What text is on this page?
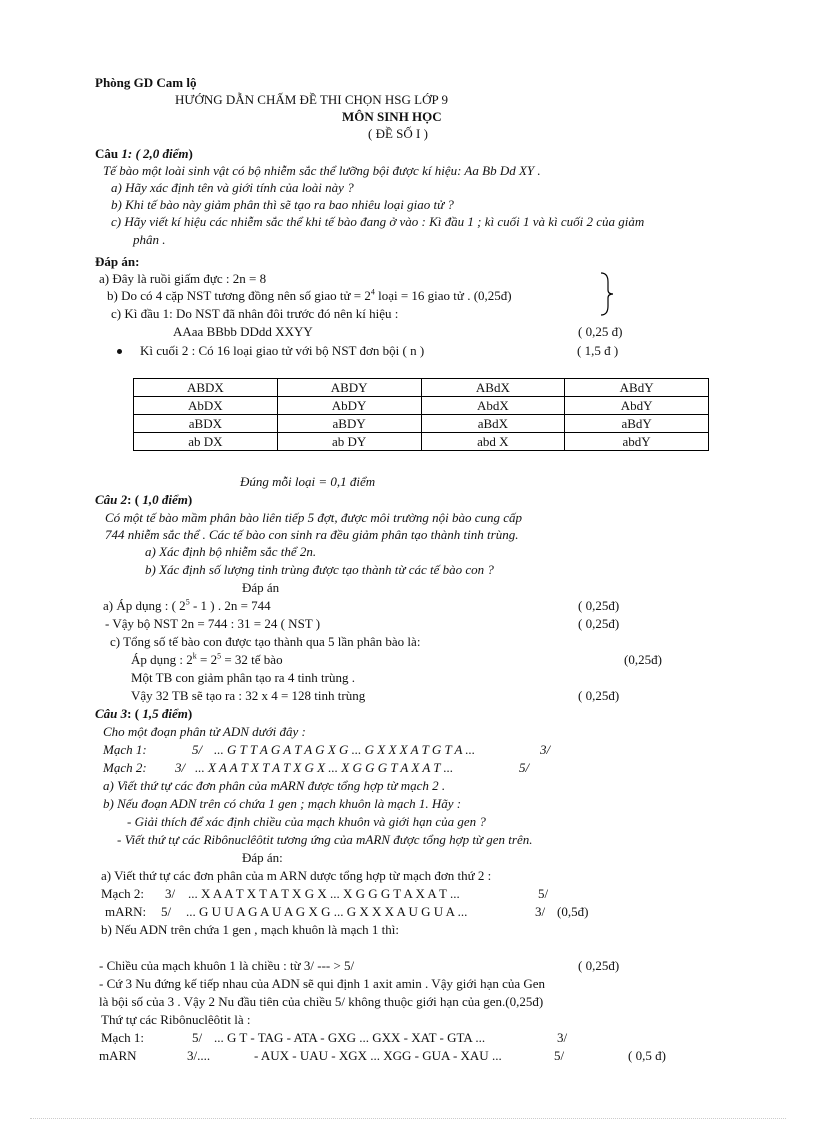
Phòng GD Cam lộ
HƯỚNG DẪN CHẤM ĐỀ THI CHỌN HSG LỚP 9
MÔN SINH HỌC
( ĐỀ SỐ I )
Câu 1: ( 2,0 điểm)
Tế bào một loài sinh vật có bộ nhiễm sắc thể lưỡng bội được kí hiệu: Aa Bb Dd XY .
a) Hãy xác định tên và giới tính của loài này ?
b) Khi tế bào này giảm phân thì sẽ tạo ra bao nhiêu loại giao tử ?
c) Hãy viết kí hiệu các nhiễm sắc thể khi tế bào đang ở vào : Kì đầu 1 ; kì cuối 1 và kì cuối 2 của giảm
phân .
Đáp án:
a) Đây là ruồi giấm đực : 2n = 8
b) Do có 4 cặp NST tương đồng nên số giao tử = $2^4$ loại = 16 giao tử . (0,25đ)
c) Kì đầu 1: Do NST đã nhân đôi trước đó nên kí hiệu :
AAaa BBbb DDdd XXYY	( 0,25 đ)
Kì cuối 2 : Có 16 loại giao tử với bộ NST đơn bội ( n )	( 1,5 đ )
ABDX	ABDY	ABdX	ABdY
AbDX	AbDY	AbdX	AbdY
aBDX	aBDY	aBdX	aBdY
ab DX	ab DY	abd X	abdY
Đúng mỗi loại = 0,1 điểm
Câu 2: ( 1,0 điểm)
Có một tế bào mầm phân bào liên tiếp 5 đợt, được môi trường nội bào cung cấp
744 nhiễm sắc thể . Các tế bào con sinh ra đều giảm phân tạo thành tinh trùng.
a) Xác định bộ nhiễm sắc thể 2n.
b) Xác định số lượng tinh trùng được tạo thành từ các tế bào con ?
Đáp án
a) Áp dụng : ( $2^5 - 1$ ) . 2n = 744	( 0,25đ)
- Vậy bộ NST 2n = 744 : 31 = 24 ( NST )	( 0,25đ)
c) Tổng số tế bào con được tạo thành qua 5 lần phân bào là:
Áp dụng : $2^k = 2^5 = 32$ tế bào	(0,25đ)
Một TB con giảm phân tạo ra 4 tinh trùng .
Vậy 32 TB sẽ tạo ra : 32 x 4 = 128 tinh trùng	( 0,25đ)
Câu 3: ( 1,5 điểm)
Cho một đoạn phân tử ADN dưới đây :
Mạch 1:	5/ ... G T T A G A T A G X G ... G X X X A T G T A ...	3/
Mạch 2: 3/ ... X A A T X T A T X G X ... X G G G T A X A T ...	5/
a) Viết thứ tự các đơn phân của mARN được tổng hợp từ mạch 2 .
b) Nếu đoạn ADN trên có chứa 1 gen ; mạch khuôn là mạch 1. Hãy :
- Giải thích để xác định chiều của mạch khuôn và giới hạn của gen ?
- Viết thứ tự các Ribônuclêôtit tương ứng của mARN được tổng hợp từ gen trên.
Đáp án:
a) Viết thứ tự các đơn phân của m ARN dược tổng hợp từ mạch đơn thứ 2 :
Mạch 2: 3/ ... X A A T X T A T X G X ... X G G G T A X A T ...	5/
mARN: 5/ ... G U U A G A U A G X G ... G X X X A U G U A ...	3/ (0,5đ)
b) Nếu ADN trên chứa 1 gen , mạch khuôn là mạch 1 thì:
- Chiều của mạch khuôn 1 là chiều : từ 3/ --- > 5/	( 0,25đ)
- Cứ 3 Nu đứng kế tiếp nhau của ADN sẽ qui định 1 axit amin . Vậy giới hạn của Gen
là bội số của 3 . Vậy 2 Nu đầu tiên của chiều 5/ không thuộc giới hạn của gen.(0,25đ)
Thứ tự các Ribônuclêôtit là :
Mạch 1:	5/ ... G T - TAG - ATA - GXG ... GXX - XAT - GTA ...	3/
mARN	3/....	- AUX - UAU - XGX ... XGG - GUA - XAU ...	5/	( 0,5 đ)
